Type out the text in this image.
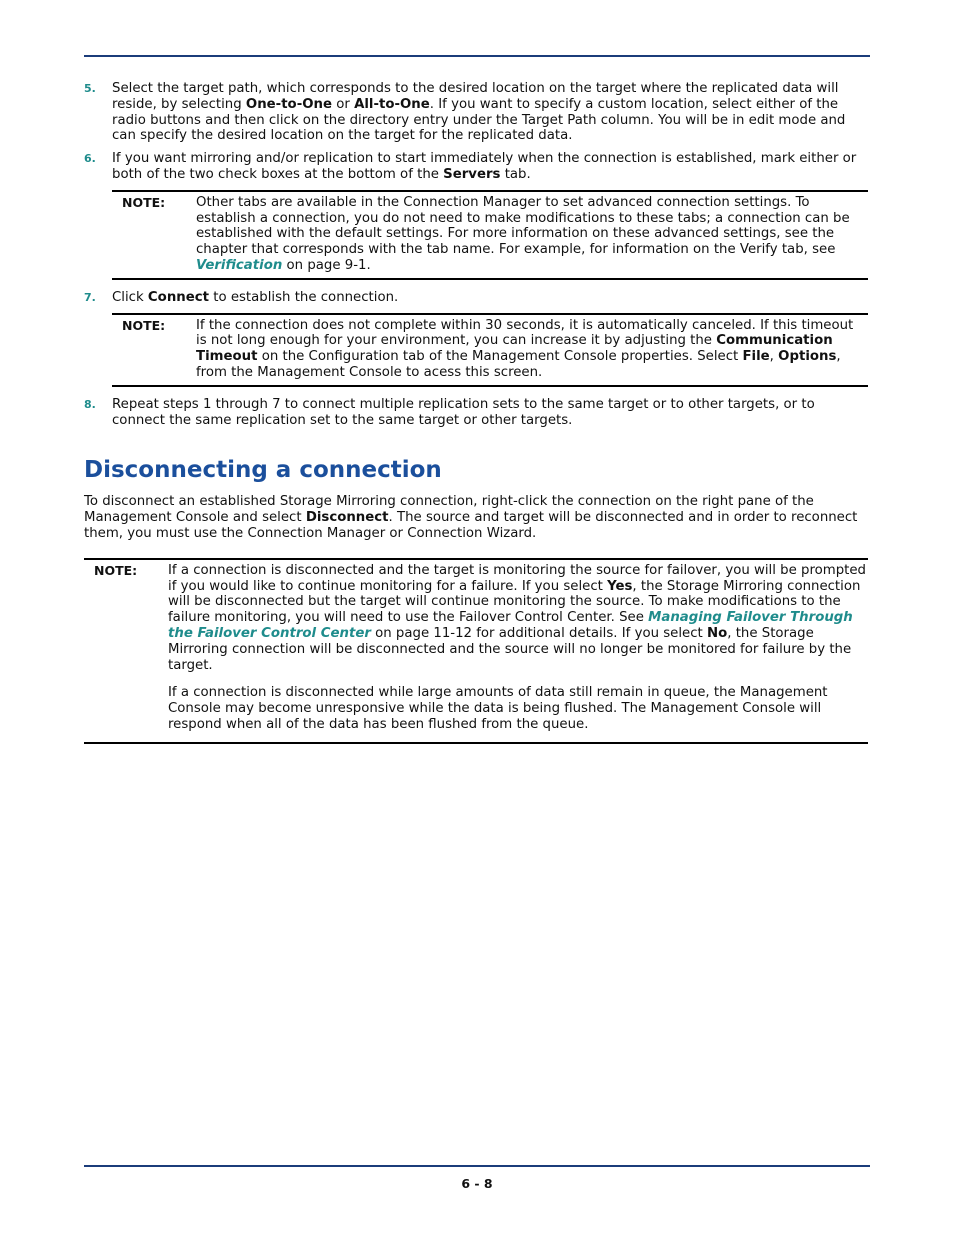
5. Select the target path, which corresponds to the desired location on the target where the replicated data will reside, by selecting One-to-One or All-to-One. If you want to specify a custom location, select either of the radio buttons and then click on the directory entry under the Target Path column. You will be in edit mode and can specify the desired location on the target for the replicated data.
6. If you want mirroring and/or replication to start immediately when the connection is established, mark either or both of the two check boxes at the bottom of the Servers tab.
NOTE:	Other tabs are available in the Connection Manager to set advanced connection settings. To establish a connection, you do not need to make modifications to these tabs; a connection can be established with the default settings. For more information on these advanced settings, see the chapter that corresponds with the tab name. For example, for information on the Verify tab, see Verification on page 9-1.
7. Click Connect to establish the connection.
NOTE:	If the connection does not complete within 30 seconds, it is automatically canceled. If this timeout is not long enough for your environment, you can increase it by adjusting the Communication Timeout on the Configuration tab of the Management Console properties. Select File, Options, from the Management Console to acess this screen.
8. Repeat steps 1 through 7 to connect multiple replication sets to the same target or to other targets, or to connect the same replication set to the same target or other targets.
Disconnecting a connection

To disconnect an established Storage Mirroring connection, right-click the connection on the right pane of the Management Console and select Disconnect. The source and target will be disconnected and in order to reconnect them, you must use the Connection Manager or Connection Wizard.

NOTE:	If a connection is disconnected and the target is monitoring the source for failover, you will be prompted if you would like to continue monitoring for a failure. If you select Yes, the Storage Mirroring connection will be disconnected but the target will continue monitoring the source. To make modifications to the failure monitoring, you will need to use the Failover Control Center. See Managing Failover Through the Failover Control Center on page 11-12 for additional details. If you select No, the Storage Mirroring connection will be disconnected and the source will no longer be monitored for failure by the target.

If a connection is disconnected while large amounts of data still remain in queue, the Management Console may become unresponsive while the data is being flushed. The Management Console will respond when all of the data has been flushed from the queue.

6 - 8
